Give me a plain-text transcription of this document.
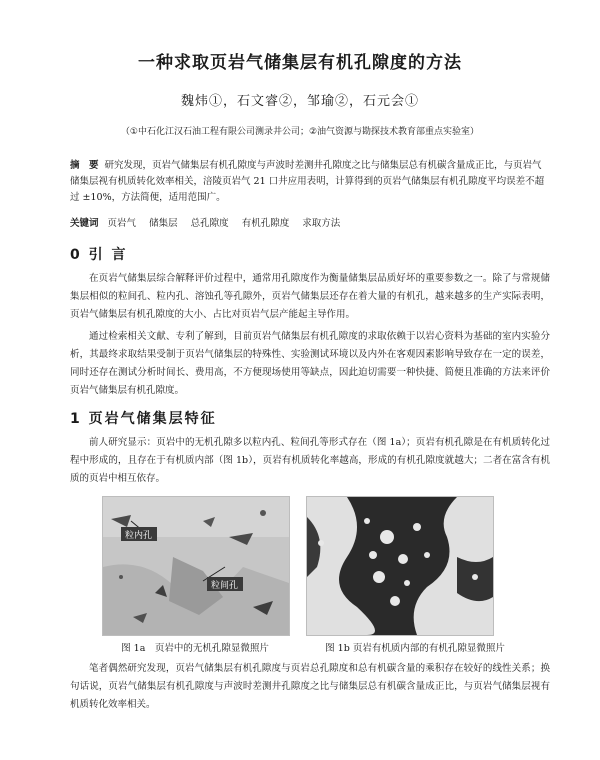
一种求取页岩气储集层有机孔隙度的方法
魏炜①，石文睿②，邹瑜②，石元会①
（①中石化江汉石油工程有限公司测录井公司；②油气资源与勘探技术教育部重点实验室）
摘　要 研究发现，页岩气储集层有机孔隙度与声波时差测井孔隙度之比与储集层总有机碳含量成正比，与页岩气储集层视有机质转化效率相关，涪陵页岩气 21 口井应用表明，计算得到的页岩气储集层有机孔隙度平均误差不超过 ±10%，方法简便，适用范围广。
关键词 页岩气 储集层 总孔隙度 有机孔隙度 求取方法
0 引 言

在页岩气储集层综合解释评价过程中，通常用孔隙度作为衡量储集层品质好坏的重要参数之一。除了与常规储集层相似的粒间孔、粒内孔、溶蚀孔等孔隙外，页岩气储集层还存在着大量的有机孔，越来越多的生产实际表明，页岩气储集层有机孔隙度的大小、占比对页岩气层产能起主导作用。

通过检索相关文献、专利了解到，目前页岩气储集层有机孔隙度的求取依赖于以岩心资料为基础的室内实验分析，其最终求取结果受制于页岩气储集层的特殊性、实验测试环境以及内外在客观因素影响导致存在一定的误差，同时还存在测试分析时间长、费用高，不方便现场使用等缺点，因此迫切需要一种快捷、简便且准确的方法来评价页岩气储集层有机孔隙度。

1 页岩气储集层特征

前人研究显示：页岩中的无机孔隙多以粒内孔、粒间孔等形式存在（图 1a）；页岩有机孔隙是在有机质转化过程中形成的，且存在于有机质内部（图 1b），页岩有机质转化率越高，形成的有机孔隙度就越大；二者在富含有机质的页岩中相互依存。

粒内孔
粒间孔
图 1a　页岩中的无机孔隙显微照片	图 1b 页岩有机质内部的有机孔隙显微照片

笔者偶然研究发现，页岩气储集层有机孔隙度与页岩总孔隙度和总有机碳含量的乘积存在较好的线性关系；换句话说，页岩气储集层有机孔隙度与声波时差测井孔隙度之比与储集层总有机碳含量成正比，与页岩气储集层视有机质转化效率相关。
